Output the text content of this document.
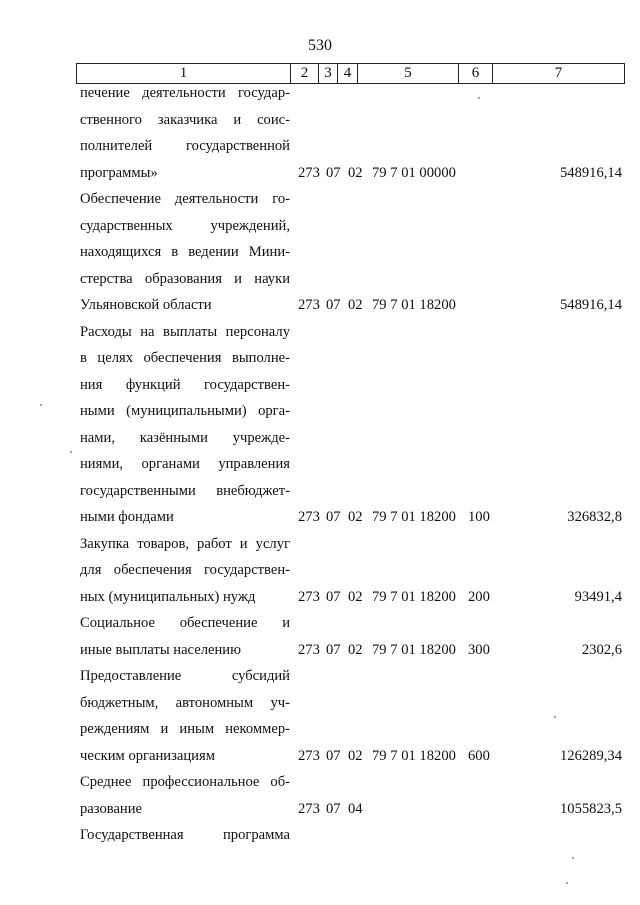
530
1	2	3 4	5	6	7
печение деятельности государ-
ственного заказчика и соис-
полнителей государственной
программы»	273 07 02 79 7 01 00000	548916,14
Обеспечение деятельности го-
сударственных учреждений,
находящихся в ведении Мини-
стерства образования и науки
Ульяновской области	273 07 02 79 7 01 18200	548916,14
Расходы на выплаты персоналу
в целях обеспечения выполне-
ния функций государствен-
ными (муниципальными) орга-
нами, казёнными учрежде-
ниями, органами управления
государственными внебюджет-
ными фондами	273 07 02 79 7 01 18200 100	326832,8
Закупка товаров, работ и услуг
для обеспечения государствен-
ных (муниципальных) нужд	273 07 02 79 7 01 18200 200	93491,4
Социальное обеспечение и
иные выплаты населению	273 07 02 79 7 01 18200 300	2302,6
Предоставление субсидий
бюджетным, автономным уч-
реждениям и иным некоммер-
ческим организациям	273 07 02 79 7 01 18200 600	126289,34
Среднее профессиональное об-
разование	273 07 04	1055823,5
Государственная программа
